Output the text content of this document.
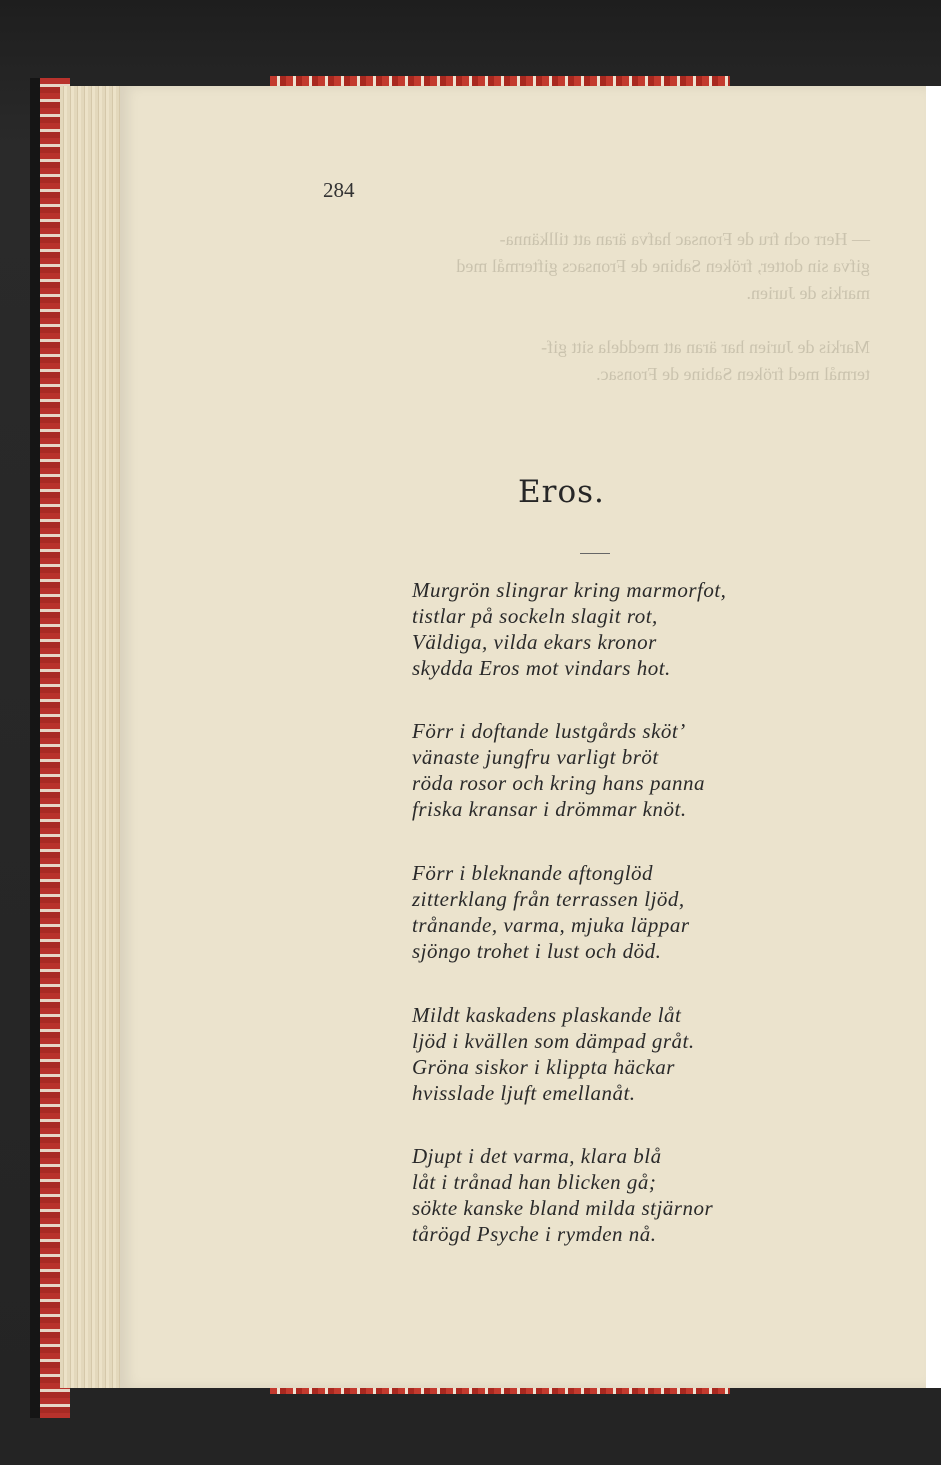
— Herr och fru de Fronsac hafva äran att tillkänna-
gifva sin dotter, fröken Sabine de Fronsacs giftermål med
markis de Jurien.

Markis de Jurien har äran att meddela sitt gif-
termål med fröken Sabine de Fronsac.
284
Eros.
Murgrön slingrar kring marmorfot,
tistlar på sockeln slagit rot,
Väldiga, vilda ekars kronor
skydda Eros mot vindars hot.
Förr i doftande lustgårds sköt’
vänaste jungfru varligt bröt
röda rosor och kring hans panna
friska kransar i drömmar knöt.
Förr i bleknande aftonglöd
zitterklang från terrassen ljöd,
trånande, varma, mjuka läppar
sjöngo trohet i lust och död.
Mildt kaskadens plaskande låt
ljöd i kvällen som dämpad gråt.
Gröna siskor i klippta häckar
hvisslade ljuft emellanåt.
Djupt i det varma, klara blå
låt i trånad han blicken gå;
sökte kanske bland milda stjärnor
tårögd Psyche i rymden nå.
